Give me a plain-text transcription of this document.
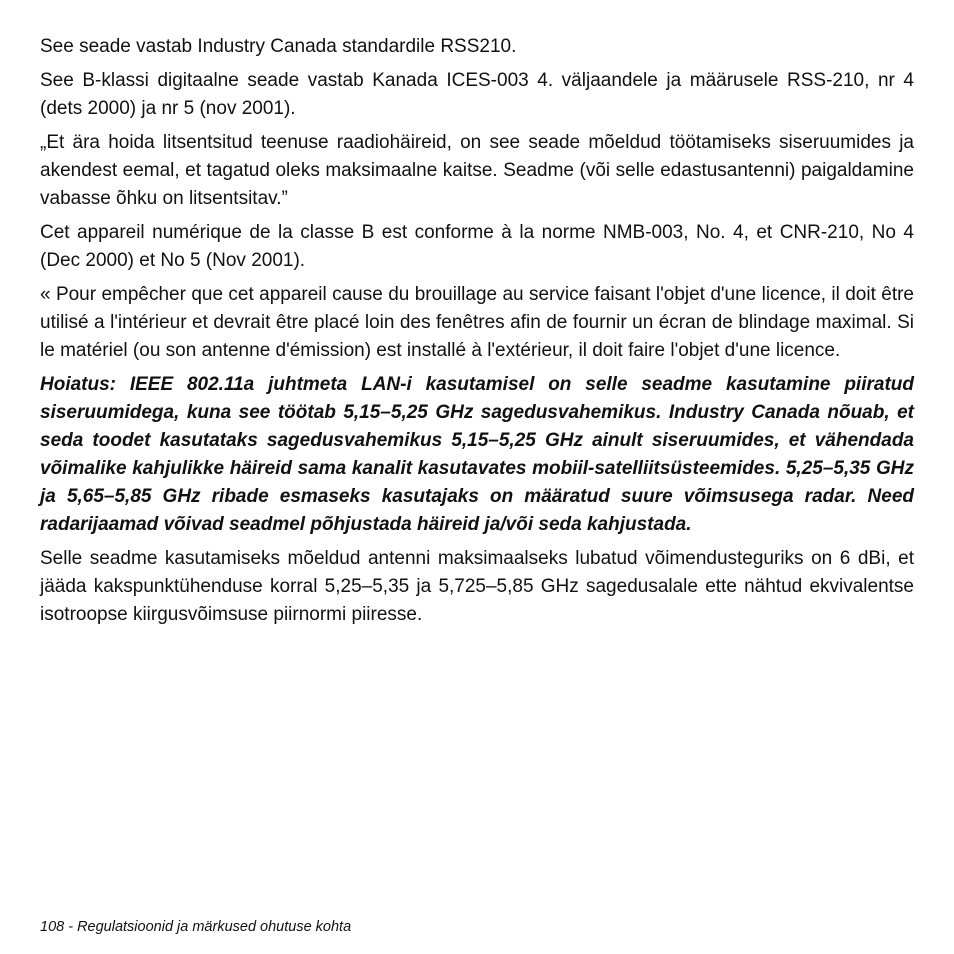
See seade vastab Industry Canada standardile RSS210.

See B-klassi digitaalne seade vastab Kanada ICES-003 4. väljaandele ja määrusele RSS-210, nr 4 (dets 2000) ja nr 5 (nov 2001).

„Et ära hoida litsentsitud teenuse raadiohäireid, on see seade mõeldud töötamiseks siseruumides ja akendest eemal, et tagatud oleks maksimaalne kaitse. Seadme (või selle edastusantenni) paigaldamine vabasse õhku on litsentsitav.”

Cet appareil numérique de la classe B est conforme à la norme NMB-003, No. 4, et CNR-210, No 4 (Dec 2000) et No 5 (Nov 2001).

« Pour empêcher que cet appareil cause du brouillage au service faisant l'objet d'une licence, il doit être utilisé a l'intérieur et devrait être placé loin des fenêtres afin de fournir un écran de blindage maximal. Si le matériel (ou son antenne d'émission) est installé à l'extérieur, il doit faire l'objet d'une licence.

Hoiatus: IEEE 802.11a juhtmeta LAN-i kasutamisel on selle seadme kasutamine piiratud siseruumidega, kuna see töötab 5,15–5,25 GHz sagedusvahemikus. Industry Canada nõuab, et seda toodet kasutataks sagedusvahemikus 5,15–5,25 GHz ainult siseruumides, et vähendada võimalike kahjulikke häireid sama kanalit kasutavates mobiil-satelliitsüsteemides. 5,25–5,35 GHz ja 5,65–5,85 GHz ribade esmaseks kasutajaks on määratud suure võimsusega radar. Need radarijaamad võivad seadmel põhjustada häireid ja/või seda kahjustada.

Selle seadme kasutamiseks mõeldud antenni maksimaalseks lubatud võimendusteguriks on 6 dBi, et jääda kakspunktühenduse korral 5,25–5,35 ja 5,725–5,85 GHz sagedusalale ette nähtud ekvivalentse isotroopse kiirgusvõimsuse piirnormi piiresse.

108 - Regulatsioonid ja märkused ohutuse kohta
